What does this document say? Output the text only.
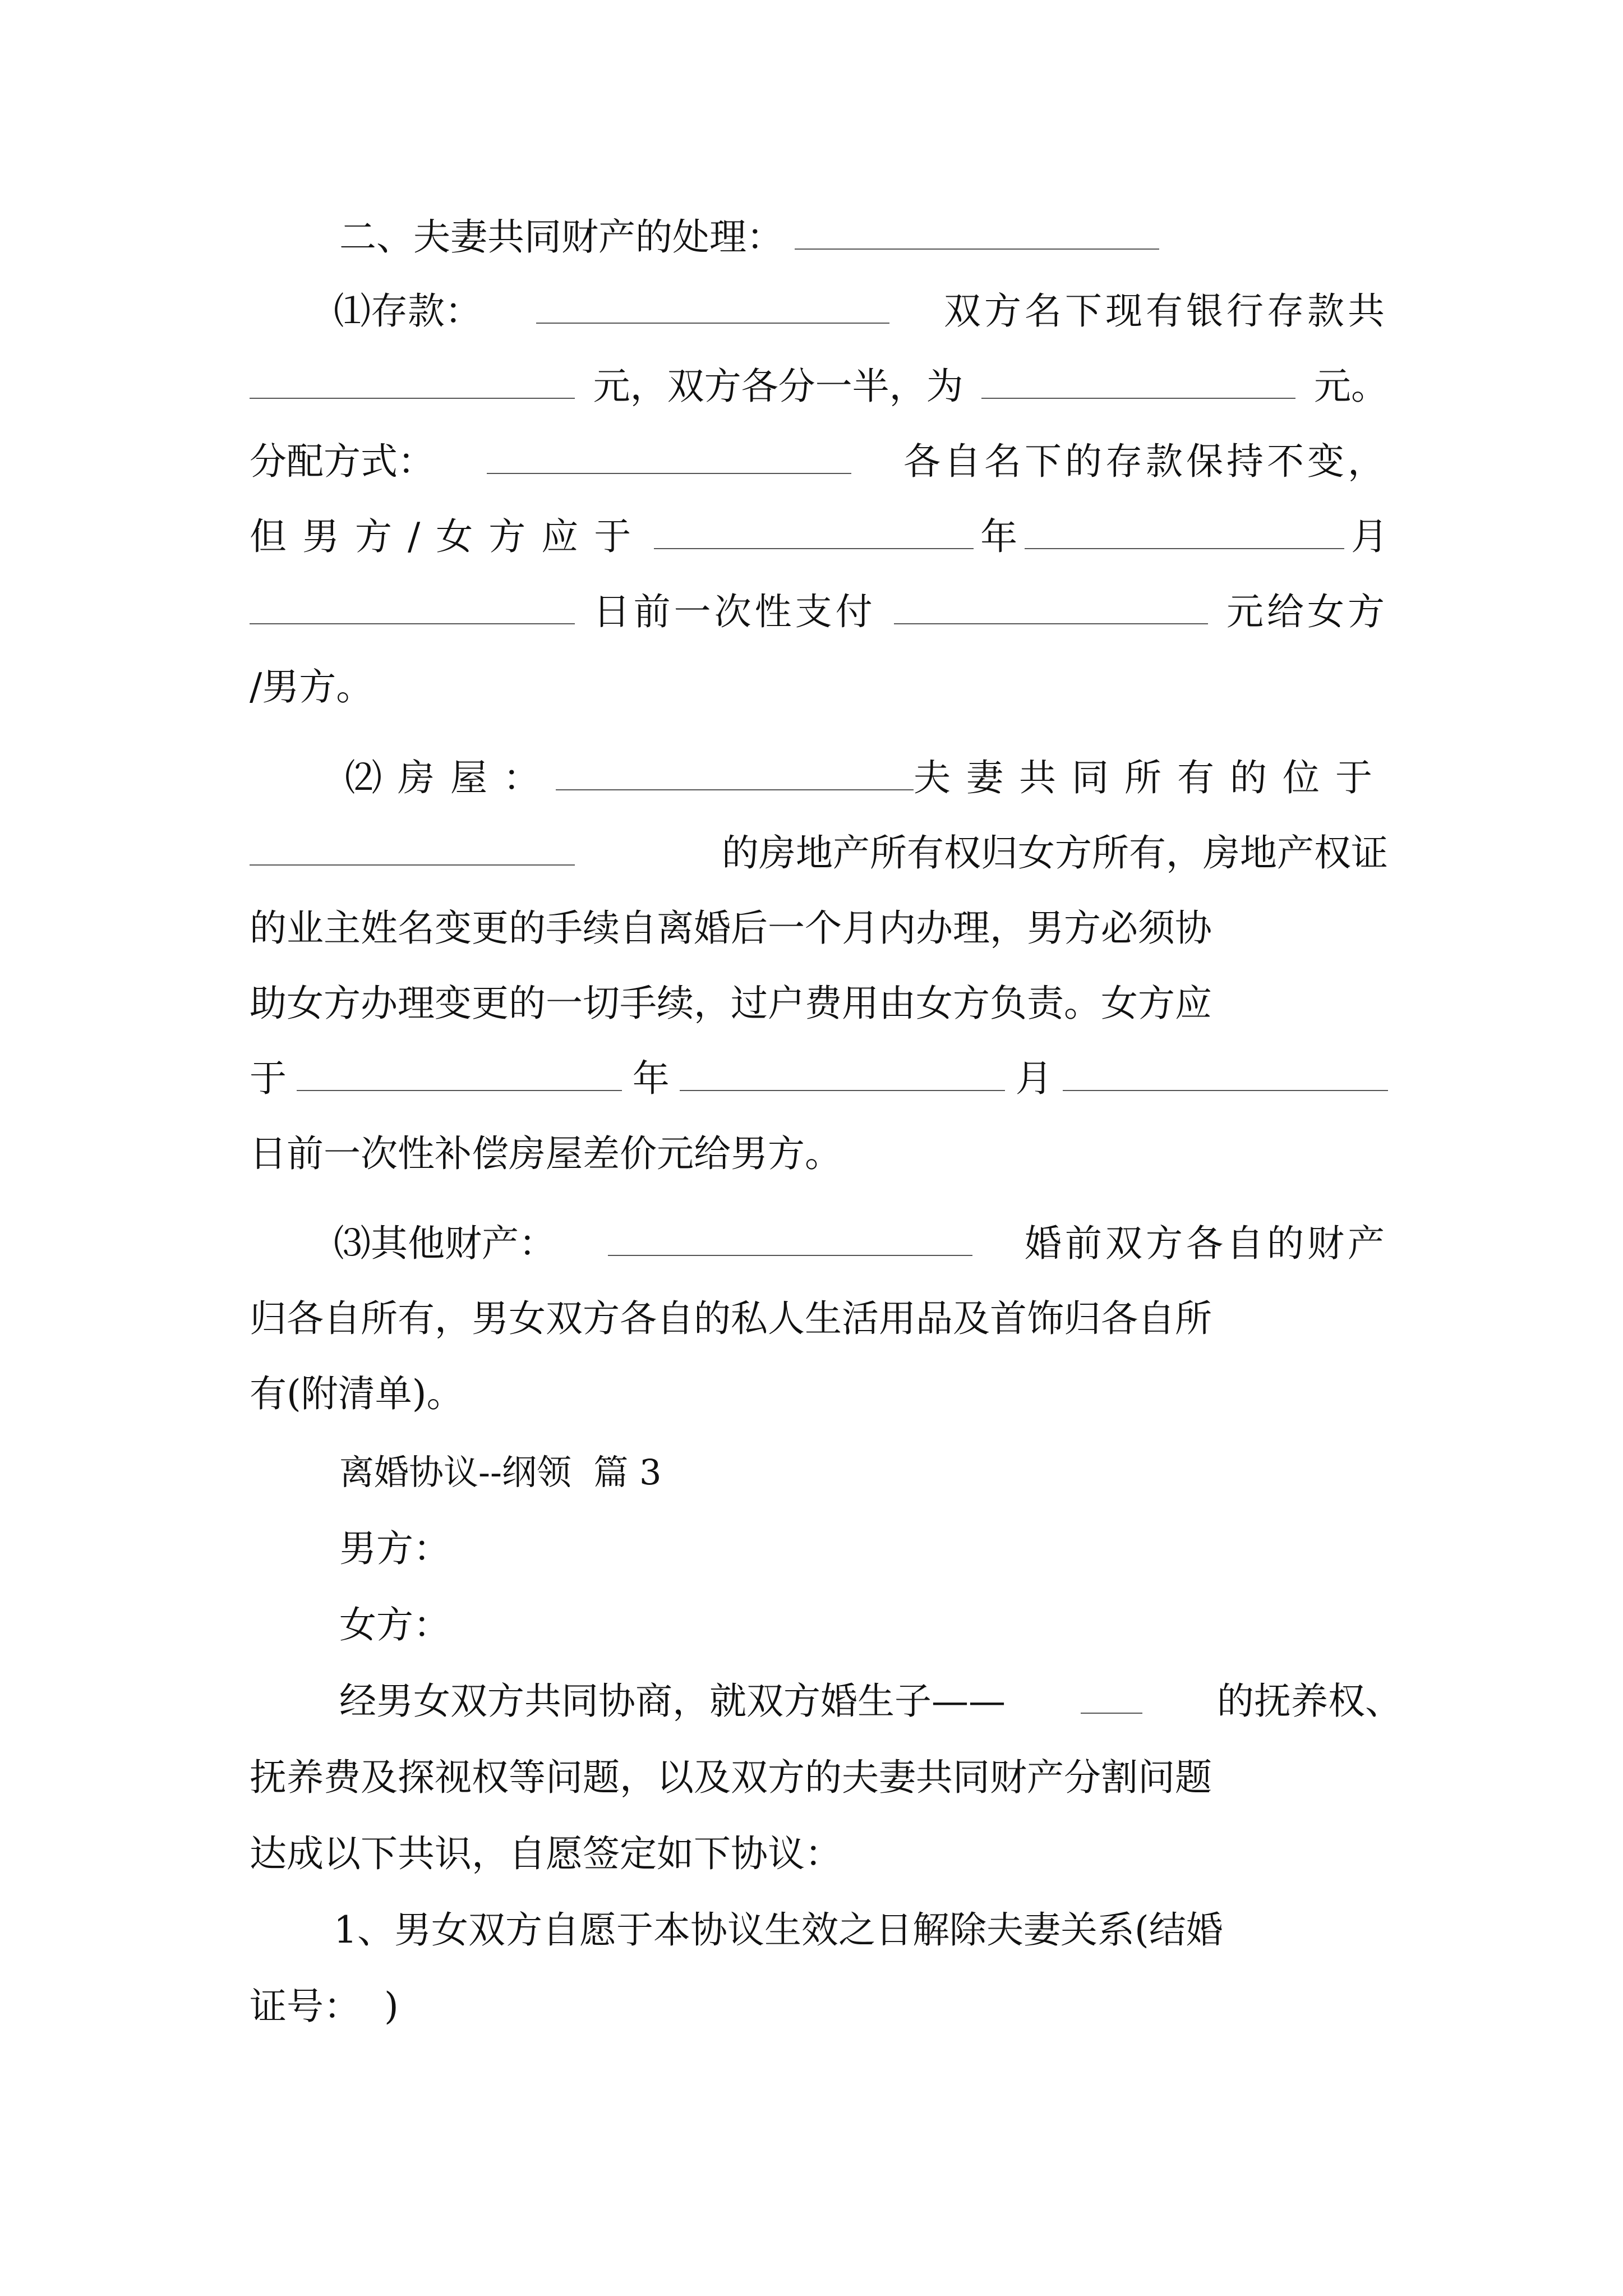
二、夫妻共同财产的处理：
⑴存款：	双方名下现有银行存款共
元，双方各分一半，为	元。
分配方式：	各自名下的存款保持不变，
但男方/女方应于	年	月
日前一次性支付	元给女方
/男方。
⑵房屋：	夫妻共同所有的位于
的房地产所有权归女方所有，房地产权证
的业主姓名变更的手续自离婚后一个月内办理，男方必须协
助女方办理变更的一切手续，过户费用由女方负责。女方应
于	年	月
日前一次性补偿房屋差价元给男方。
⑶其他财产：	婚前双方各自的财产
归各自所有，男女双方各自的私人生活用品及首饰归各自所
有(附清单)。
离婚协议--纲领  篇 3
男方：
女方：
经男女双方共同协商，就双方婚生子——	的抚养权、
抚养费及探视权等问题，以及双方的夫妻共同财产分割问题
达成以下共识，自愿签定如下协议：
1、男女双方自愿于本协议生效之日解除夫妻关系(结婚
证号：  )
